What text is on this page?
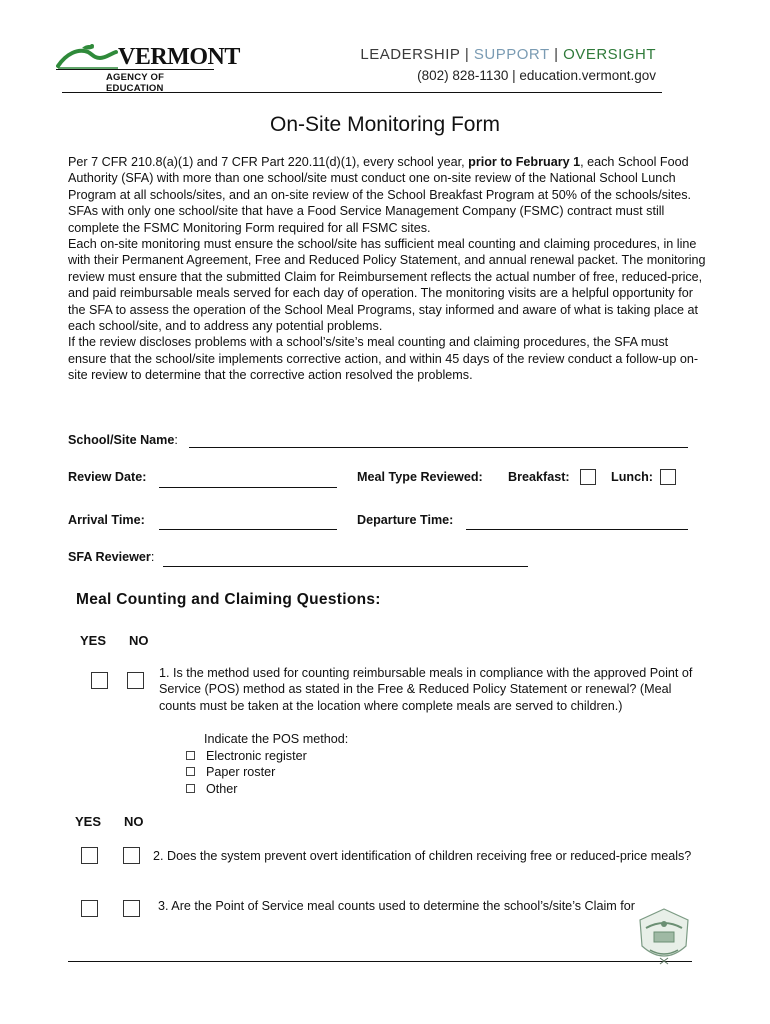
VERMONT
AGENCY OF EDUCATION
LEADERSHIP | SUPPORT | OVERSIGHT
(802) 828-1130 | education.vermont.gov
On-Site Monitoring Form

Per 7 CFR 210.8(a)(1) and 7 CFR Part 220.11(d)(1), every school year, prior to February 1, each School Food Authority (SFA) with more than one school/site must conduct one on-site review of the National School Lunch Program at all schools/sites, and an on-site review of the School Breakfast Program at 50% of the schools/sites. SFAs with only one school/site that have a Food Service Management Company (FSMC) contract must still complete the FSMC Monitoring Form required for all FSMC sites.

Each on-site monitoring must ensure the school/site has sufficient meal counting and claiming procedures, in line with their Permanent Agreement, Free and Reduced Policy Statement, and annual renewal packet. The monitoring review must ensure that the submitted Claim for Reimbursement reflects the actual number of free, reduced-price, and paid reimbursable meals served for each day of operation. The monitoring visits are a helpful opportunity for the SFA to assess the operation of the School Meal Programs, stay informed and aware of what is taking place at each school/site, and to address any potential problems.

If the review discloses problems with a school’s/site’s meal counting and claiming procedures, the SFA must ensure that the school/site implements corrective action, and within 45 days of the review conduct a follow-up on-site review to determine that the corrective action resolved the problems.

School/Site Name:
Review Date:	Meal Type Reviewed: Breakfast:	Lunch:
Arrival Time:	Departure Time:
SFA Reviewer:
Meal Counting and Claiming Questions:
YES NO
1. Is the method used for counting reimbursable meals in compliance with the approved Point of Service (POS) method as stated in the Free & Reduced Policy Statement or renewal? (Meal counts must be taken at the location where complete meals are served to children.)
Indicate the POS method:
Electronic register
Paper roster
Other
YES NO
2. Does the system prevent overt identification of children receiving free or reduced-price meals?
3. Are the Point of Service meal counts used to determine the school’s/site’s Claim for
